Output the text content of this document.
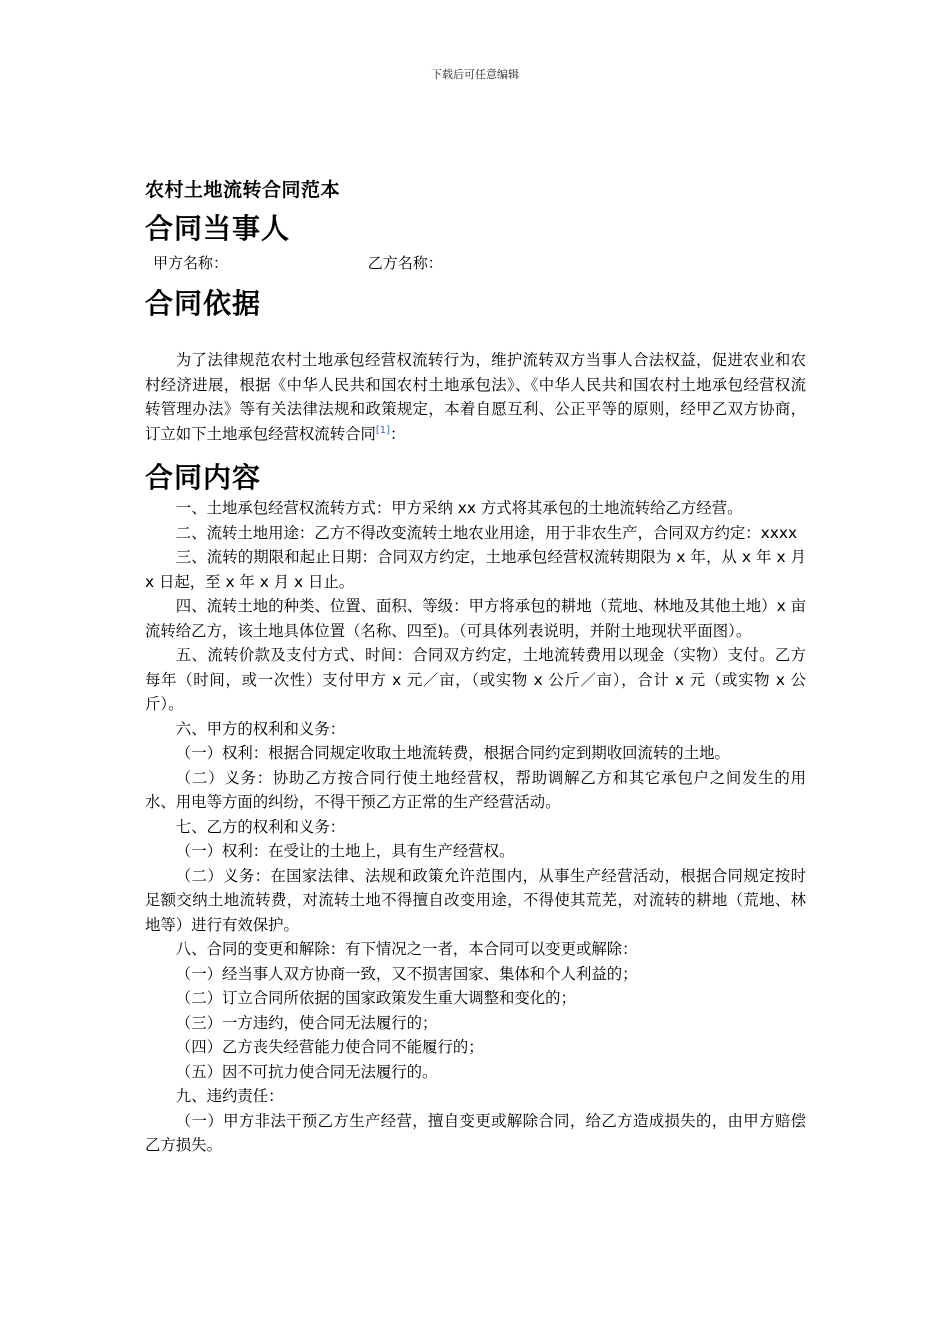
下载后可任意编辑
农村土地流转合同范本
合同当事人
甲方名称：	乙方名称：
合同依据

为了法律规范农村土地承包经营权流转行为，维护流转双方当事人合法权益，促进农业和农村经济进展，根据《中华人民共和国农村土地承包法》、《中华人民共和国农村土地承包经营权流转管理办法》等有关法律法规和政策规定，本着自愿互利、公正平等的原则，经甲乙双方协商，订立如下土地承包经营权流转合同[1]：

合同内容

一、土地承包经营权流转方式：甲方采纳 xx 方式将其承包的土地流转给乙方经营。

二、流转土地用途：乙方不得改变流转土地农业用途，用于非农生产，合同双方约定：xxxx

三、流转的期限和起止日期：合同双方约定，土地承包经营权流转期限为 x 年，从 x 年 x 月 x 日起，至 x 年 x 月 x 日止。

四、流转土地的种类、位置、面积、等级：甲方将承包的耕地（荒地、林地及其他土地）x 亩流转给乙方，该土地具体位置（名称、四至)。（可具体列表说明，并附土地现状平面图）。

五、流转价款及支付方式、时间：合同双方约定，土地流转费用以现金（实物）支付。乙方每年（时间，或一次性）支付甲方 x 元／亩，（或实物 x 公斤／亩），合计 x 元（或实物 x 公斤）。

六、甲方的权利和义务：

（一）权利：根据合同规定收取土地流转费，根据合同约定到期收回流转的土地。

（二）义务：协助乙方按合同行使土地经营权，帮助调解乙方和其它承包户之间发生的用水、用电等方面的纠纷，不得干预乙方正常的生产经营活动。

七、乙方的权利和义务：

（一）权利：在受让的土地上，具有生产经营权。

（二）义务：在国家法律、法规和政策允许范围内，从事生产经营活动，根据合同规定按时足额交纳土地流转费，对流转土地不得擅自改变用途，不得使其荒芜，对流转的耕地（荒地、林地等）进行有效保护。

八、合同的变更和解除：有下情况之一者，本合同可以变更或解除：

（一）经当事人双方协商一致，又不损害国家、集体和个人利益的；

（二）订立合同所依据的国家政策发生重大调整和变化的；

（三）一方违约，使合同无法履行的；

（四）乙方丧失经营能力使合同不能履行的；

（五）因不可抗力使合同无法履行的。

九、违约责任：

（一）甲方非法干预乙方生产经营，擅自变更或解除合同，给乙方造成损失的，由甲方赔偿乙方损失。
